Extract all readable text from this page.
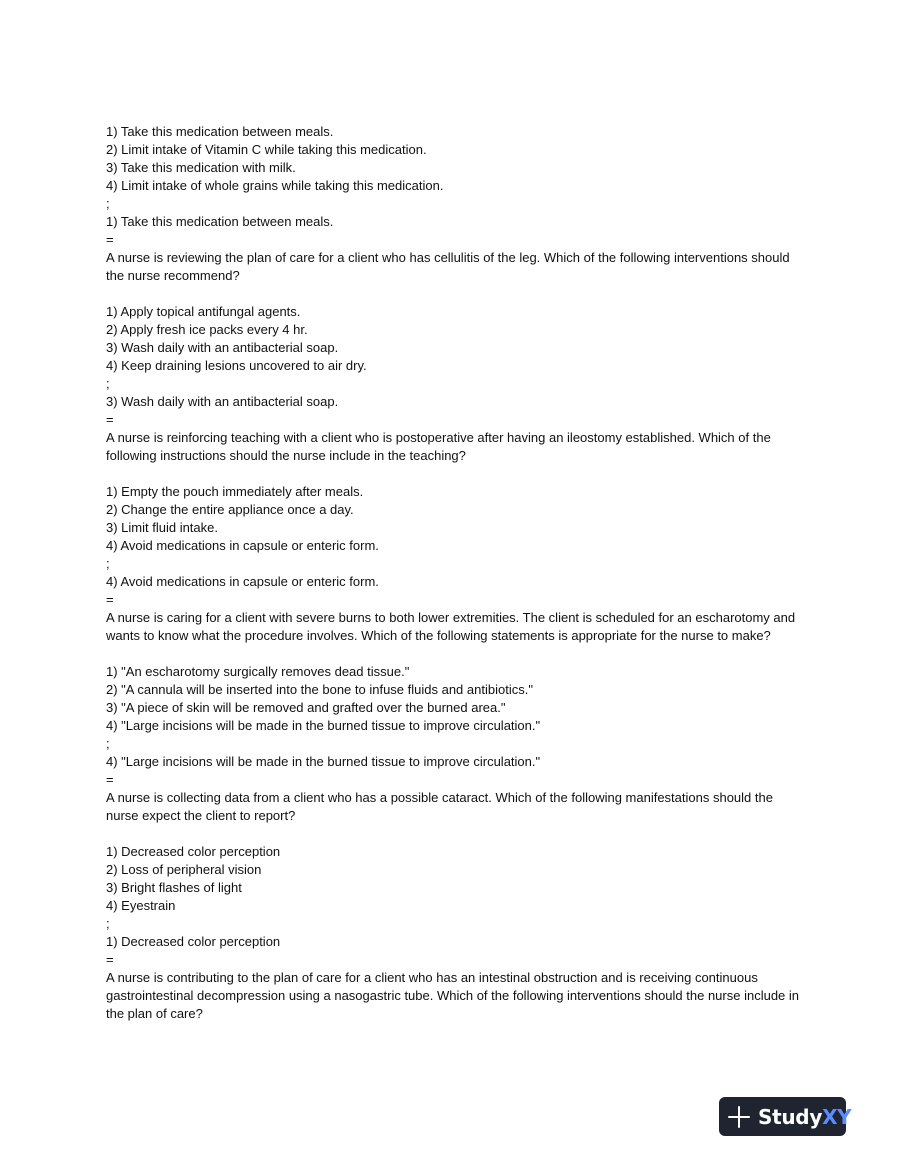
1) Take this medication between meals.
2) Limit intake of Vitamin C while taking this medication.
3) Take this medication with milk.
4) Limit intake of whole grains while taking this medication.
;
1) Take this medication between meals.
=
A nurse is reviewing the plan of care for a client who has cellulitis of the leg. Which of the following interventions should the nurse recommend?
1) Apply topical antifungal agents.
2) Apply fresh ice packs every 4 hr.
3) Wash daily with an antibacterial soap.
4) Keep draining lesions uncovered to air dry.
;
3) Wash daily with an antibacterial soap.
=
A nurse is reinforcing teaching with a client who is postoperative after having an ileostomy established. Which of the following instructions should the nurse include in the teaching?
1) Empty the pouch immediately after meals.
2) Change the entire appliance once a day.
3) Limit fluid intake.
4) Avoid medications in capsule or enteric form.
;
4) Avoid medications in capsule or enteric form.
=
A nurse is caring for a client with severe burns to both lower extremities. The client is scheduled for an escharotomy and wants to know what the procedure involves. Which of the following statements is appropriate for the nurse to make?
1) "An escharotomy surgically removes dead tissue."
2) "A cannula will be inserted into the bone to infuse fluids and antibiotics."
3) "A piece of skin will be removed and grafted over the burned area."
4) "Large incisions will be made in the burned tissue to improve circulation."
;
4) "Large incisions will be made in the burned tissue to improve circulation."
=
A nurse is collecting data from a client who has a possible cataract. Which of the following manifestations should the nurse expect the client to report?
1) Decreased color perception
2) Loss of peripheral vision
3) Bright flashes of light
4) Eyestrain
;
1) Decreased color perception
=
A nurse is contributing to the plan of care for a client who has an intestinal obstruction and is receiving continuous gastrointestinal decompression using a nasogastric tube. Which of the following interventions should the nurse include in the plan of care?
StudyXY
